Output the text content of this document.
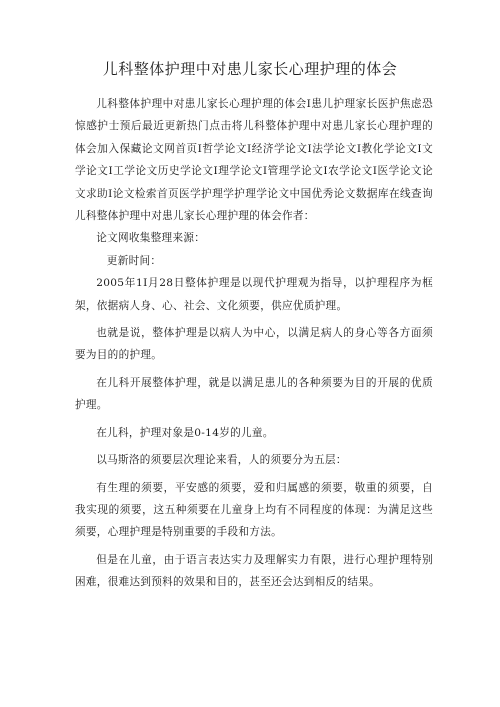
儿科整体护理中对患儿家长心理护理的体会

儿科整体护理中对患儿家长心理护理的体会I患儿护理家长医护焦虑恐惊感护士预后最近更新热门点击将儿科整体护理中对患儿家长心理护理的体会加入保藏论文网首页I哲学论文I经济学论文I法学论文I教化学论文I文学论文I工学论文历史学论文I理学论文I管理学论文I农学论文I医学论文论文求助I论文检索首页医学护理学护理学论文中国优秀论文数据库在线查询儿科整体护理中对患儿家长心理护理的体会作者：

论文网收集整理来源：

更新时间：

2005年1I月28日整体护理是以现代护理观为指导，以护理程序为框架，依据病人身、心、社会、文化须要，供应优质护理。

也就是说，整体护理是以病人为中心，以满足病人的身心等各方面须要为目的的护理。

在儿科开展整体护理，就是以满足患儿的各种须要为目的开展的优质护理。

在儿科，护理对象是0-14岁的儿童。

以马斯洛的须要层次理论来看，人的须要分为五层：

有生理的须要，平安感的须要，爱和归属感的须要，敬重的须要，自我实现的须要，这五种须要在儿童身上均有不同程度的体现：为满足这些须要，心理护理是特别重要的手段和方法。

但是在儿童，由于语言表达实力及理解实力有限，进行心理护理特别困难，很难达到预料的效果和目的，甚至还会达到相反的结果。
